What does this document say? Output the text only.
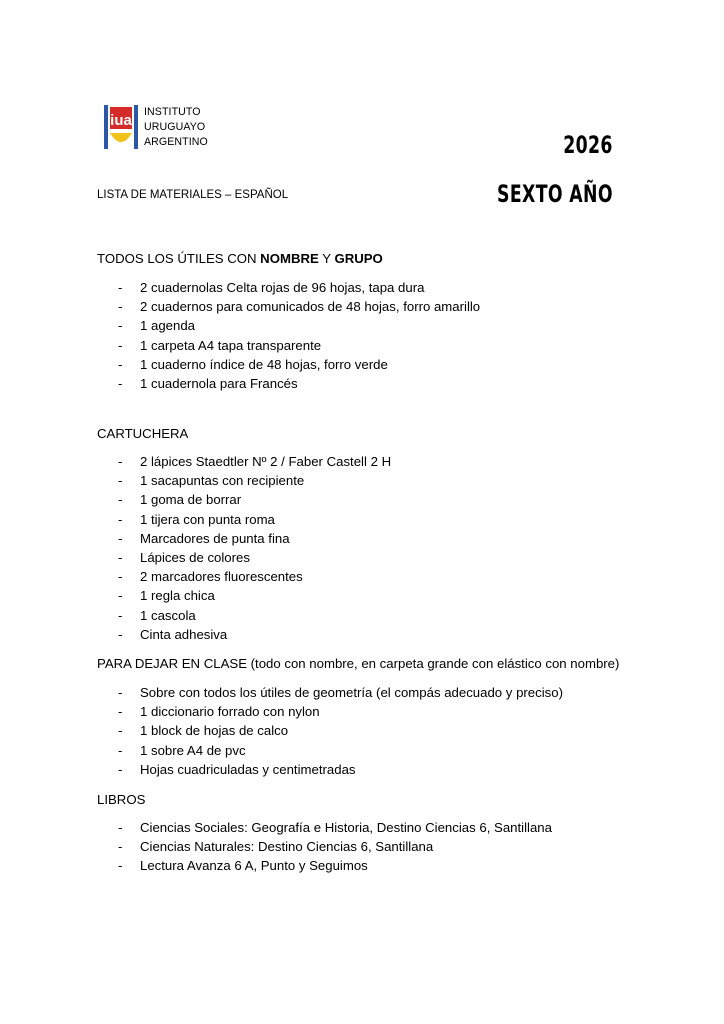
iua INSTITUTO
URUGUAYO
ARGENTINO	2026
SEXTO AÑO
LISTA DE MATERIALES – ESPAÑOL
TODOS LOS ÚTILES CON NOMBRE Y GRUPO
- 2 cuadernolas Celta rojas de 96 hojas, tapa dura
- 2 cuadernos para comunicados de 48 hojas, forro amarillo
- 1 agenda
- 1 carpeta A4 tapa transparente
- 1 cuaderno índice de 48 hojas, forro verde
- 1 cuadernola para Francés
CARTUCHERA
- 2 lápices Staedtler Nº 2 / Faber Castell 2 H
- 1 sacapuntas con recipiente
- 1 goma de borrar
- 1 tijera con punta roma
- Marcadores de punta fina
- Lápices de colores
- 2 marcadores fluorescentes
- 1 regla chica
- 1 cascola
- Cinta adhesiva
PARA DEJAR EN CLASE (todo con nombre, en carpeta grande con elástico con nombre)
- Sobre con todos los útiles de geometría (el compás adecuado y preciso)
- 1 diccionario forrado con nylon
- 1 block de hojas de calco
- 1 sobre A4 de pvc
- Hojas cuadriculadas y centimetradas
LIBROS
- Ciencias Sociales: Geografía e Historia, Destino Ciencias 6, Santillana
- Ciencias Naturales: Destino Ciencias 6, Santillana
- Lectura Avanza 6 A, Punto y Seguimos
